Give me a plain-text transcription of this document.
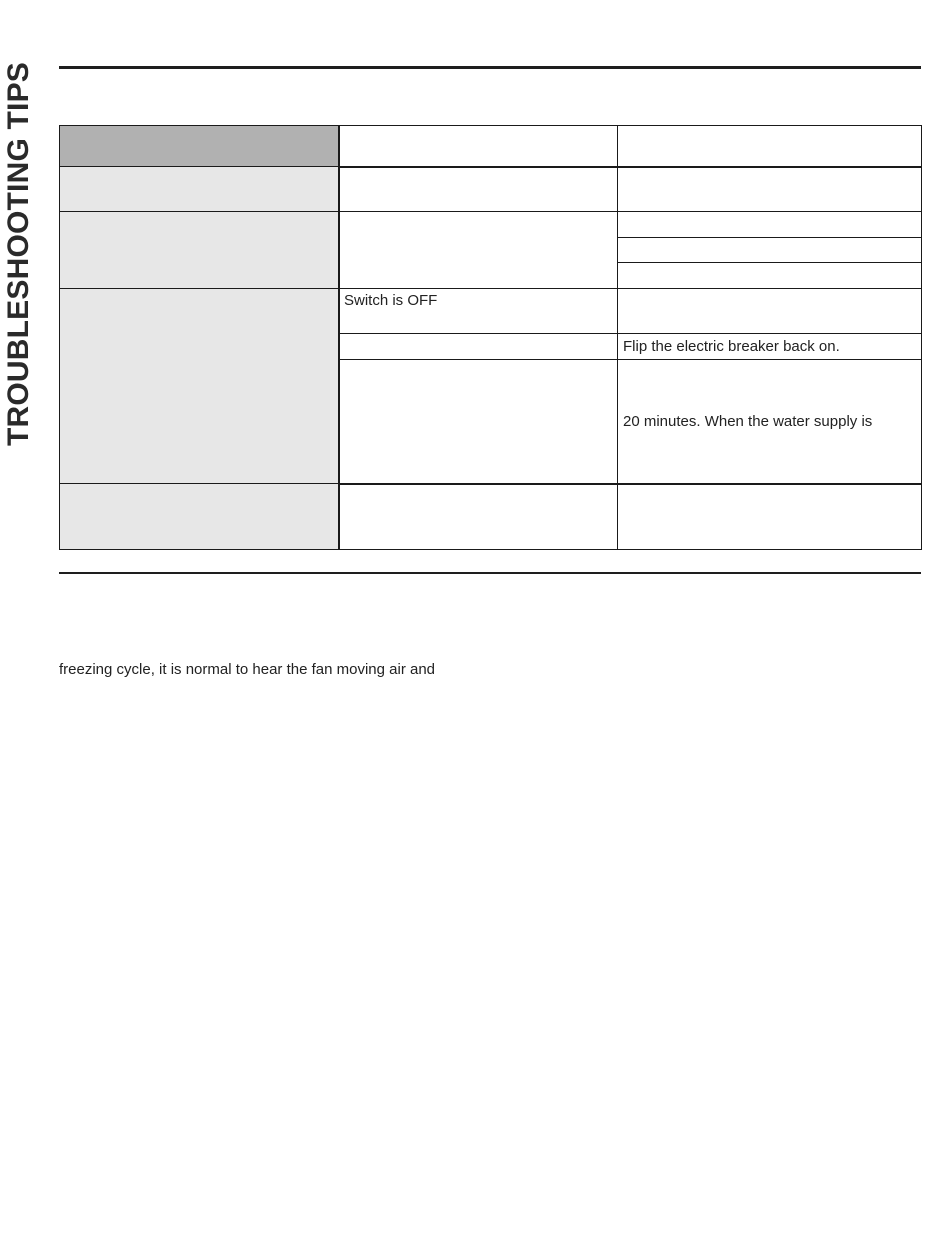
TROUBLESHOOTING TIPS	Switch is OFF
Flip the electric breaker back on.
20 minutes. When the water supply is
freezing cycle, it is normal to hear the fan moving air and
